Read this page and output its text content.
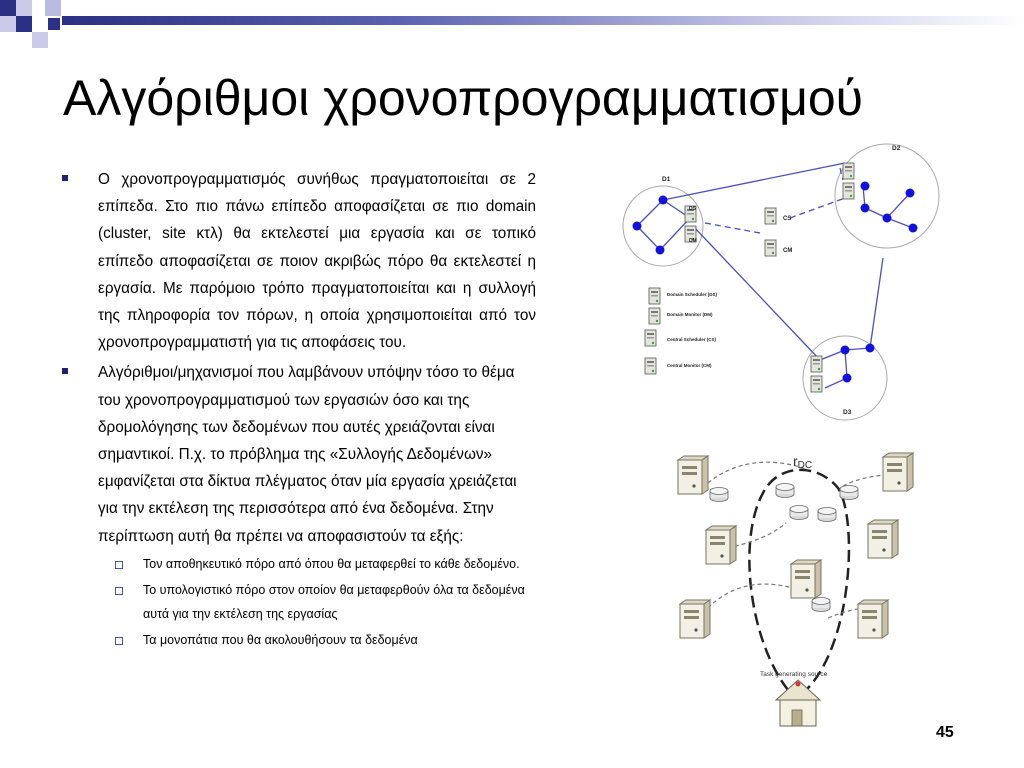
Αλγόριθμοι χρονοπρογραμματισμού

Ο χρονοπρογραμματισμός συνήθως πραγματοποιείται σε 2 επίπεδα. Στο πιο πάνω επίπεδο αποφασίζεται σε πιο domain (cluster, site κτλ) θα εκτελεστεί μια εργασία και σε τοπικό επίπεδο αποφασίζεται σε ποιον ακριβώς πόρο θα εκτελεστεί η εργασία. Με παρόμοιο τρόπο πραγματοποιείται και η συλλογή της πληροφορία τον πόρων, η οποία χρησιμοποιείται από τον χρονοπρογραμματιστή για τις αποφάσεις του.

Αλγόριθμοι/μηχανισμοί που λαμβάνουν υπόψην τόσο το θέμα του χρονοπρογραμματισμού των εργασιών όσο και της δρομολόγησης των δεδομένων που αυτές χρειάζονται είναι σημαντικοί. Π.χ. το πρόβλημα της «Συλλογής Δεδομένων» εμφανίζεται στα δίκτυα πλέγματος όταν μία εργασία χρειάζεται για την εκτέλεση της περισσότερα από ένα δεδομένα. Στην περίπτωση αυτή θα πρέπει να αποφασιστούν τα εξής:

Τον αποθηκευτικό πόρο από όπου θα μεταφερθεί το κάθε δεδομένο.

Το υπολογιστικό πόρο στον οποίον θα μεταφερθούν όλα τα δεδομένα αυτά για την εκτέλεση της εργασίας

Τα μονοπάτια που θα ακολουθήσουν τα δεδομένα

D1
D2
D3
DS
DM
CS
CM
Domain Scheduler (DS)
Domain Monitor (DM)
Central Scheduler (CS)
Central Monitor (CM)
rDC
Task generating source
45
